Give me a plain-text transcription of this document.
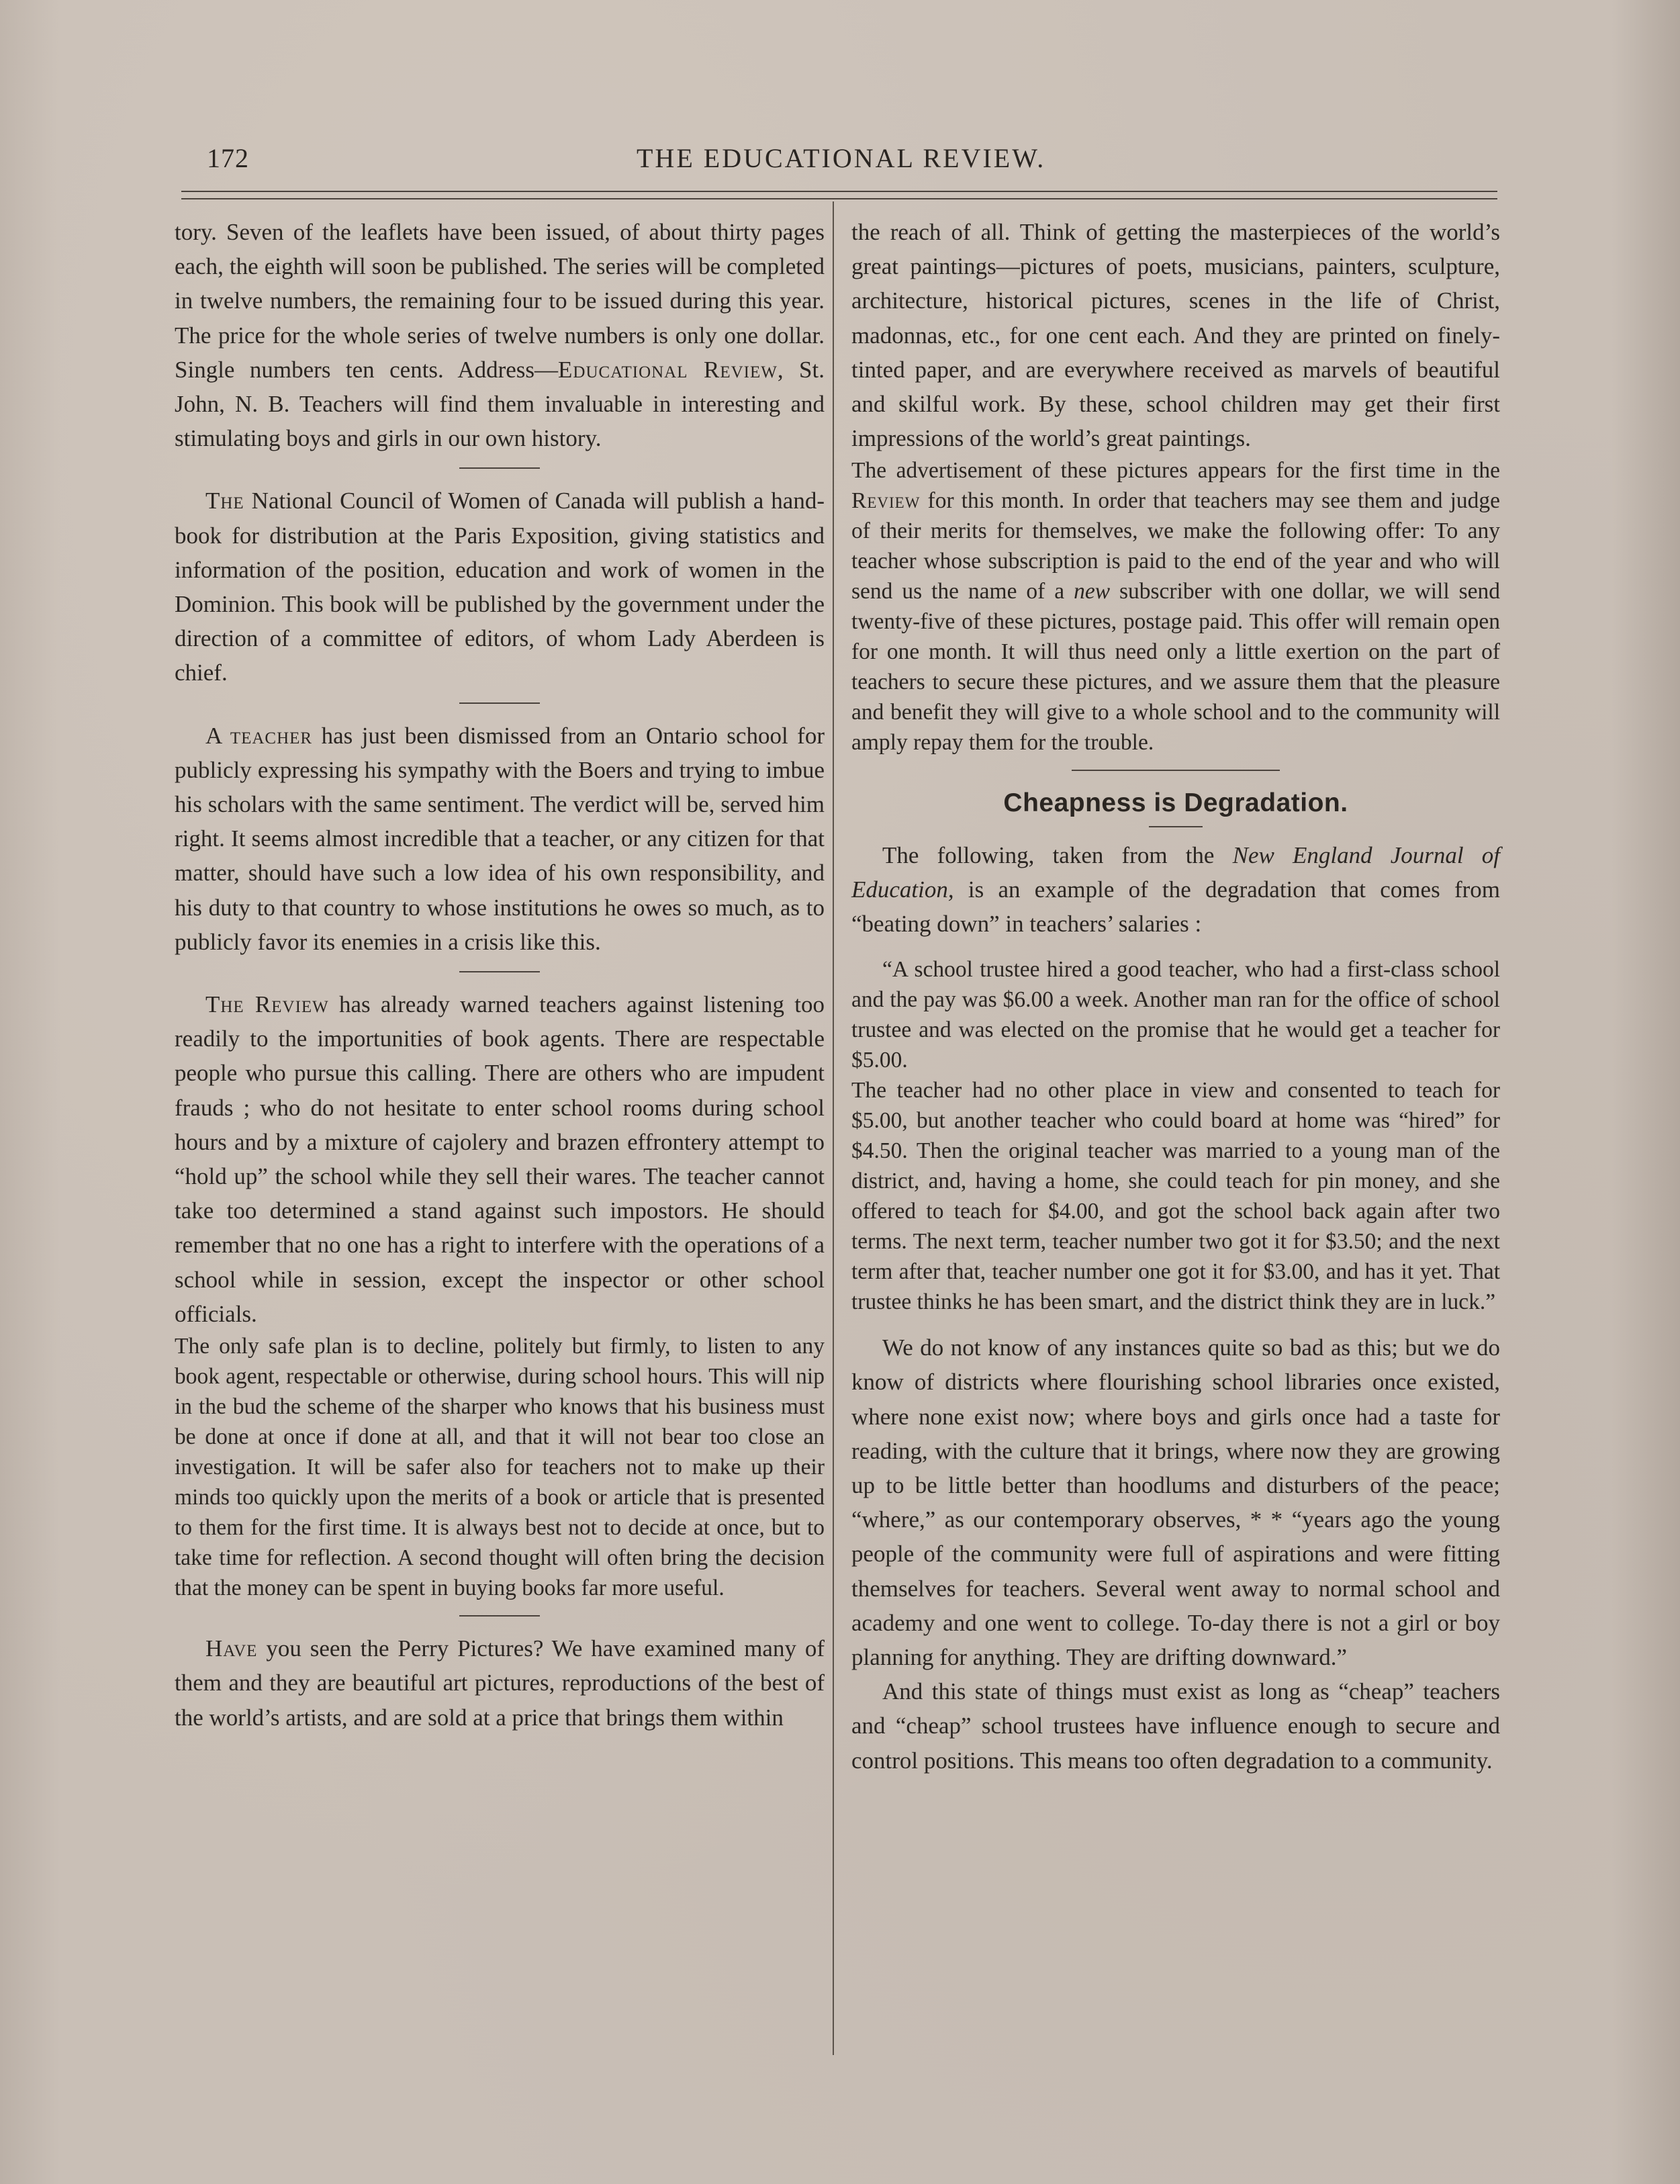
172	THE EDUCATIONAL REVIEW.

tory. Seven of the leaflets have been issued, of about thirty pages each, the eighth will soon be published. The series will be completed in twelve numbers, the remaining four to be issued during this year. The price for the whole series of twelve numbers is only one dollar. Single numbers ten cents. Address—Educational Review, St. John, N. B. Teachers will find them invaluable in interesting and stimulating boys and girls in our own history.

The National Council of Women of Canada will publish a hand-book for distribution at the Paris Exposition, giving statistics and information of the position, education and work of women in the Dominion. This book will be published by the government under the direction of a committee of editors, of whom Lady Aberdeen is chief.

A teacher has just been dismissed from an Ontario school for publicly expressing his sympathy with the Boers and trying to imbue his scholars with the same sentiment. The verdict will be, served him right. It seems almost incredible that a teacher, or any citizen for that matter, should have such a low idea of his own responsibility, and his duty to that country to whose institutions he owes so much, as to publicly favor its enemies in a crisis like this.

The Review has already warned teachers against listening too readily to the importunities of book agents. There are respectable people who pursue this calling. There are others who are impudent frauds ; who do not hesitate to enter school rooms during school hours and by a mixture of cajolery and brazen effrontery attempt to “hold up” the school while they sell their wares. The teacher cannot take too determined a stand against such impostors. He should remember that no one has a right to interfere with the operations of a school while in session, except the inspector or other school officials.

The only safe plan is to decline, politely but firmly, to listen to any book agent, respectable or otherwise, during school hours. This will nip in the bud the scheme of the sharper who knows that his business must be done at once if done at all, and that it will not bear too close an investigation. It will be safer also for teachers not to make up their minds too quickly upon the merits of a book or article that is presented to them for the first time. It is always best not to decide at once, but to take time for reflection. A second thought will often bring the decision that the money can be spent in buying books far more useful.

Have you seen the Perry Pictures? We have examined many of them and they are beautiful art pictures, reproductions of the best of the world’s artists, and are sold at a price that brings them within

the reach of all. Think of getting the masterpieces of the world’s great paintings—pictures of poets, musicians, painters, sculpture, architecture, historical pictures, scenes in the life of Christ, madonnas, etc., for one cent each. And they are printed on finely-tinted paper, and are everywhere received as marvels of beautiful and skilful work. By these, school children may get their first impressions of the world’s great paintings.

The advertisement of these pictures appears for the first time in the Review for this month. In order that teachers may see them and judge of their merits for themselves, we make the following offer: To any teacher whose subscription is paid to the end of the year and who will send us the name of a new subscriber with one dollar, we will send twenty-five of these pictures, postage paid. This offer will remain open for one month. It will thus need only a little exertion on the part of teachers to secure these pictures, and we assure them that the pleasure and benefit they will give to a whole school and to the community will amply repay them for the trouble.

Cheapness is Degradation.

The following, taken from the New England Journal of Education, is an example of the degradation that comes from “beating down” in teachers’ salaries :

“A school trustee hired a good teacher, who had a first-class school and the pay was $6.00 a week. Another man ran for the office of school trustee and was elected on the promise that he would get a teacher for $5.00.

The teacher had no other place in view and consented to teach for $5.00, but another teacher who could board at home was “hired” for $4.50. Then the original teacher was married to a young man of the district, and, having a home, she could teach for pin money, and she offered to teach for $4.00, and got the school back again after two terms. The next term, teacher number two got it for $3.50; and the next term after that, teacher number one got it for $3.00, and has it yet. That trustee thinks he has been smart, and the district think they are in luck.”

We do not know of any instances quite so bad as this; but we do know of districts where flourishing school libraries once existed, where none exist now; where boys and girls once had a taste for reading, with the culture that it brings, where now they are growing up to be little better than hoodlums and disturbers of the peace; “where,” as our contemporary observes, * * “years ago the young people of the community were full of aspirations and were fitting themselves for teachers. Several went away to normal school and academy and one went to college. To-day there is not a girl or boy planning for anything. They are drifting downward.”

And this state of things must exist as long as “cheap” teachers and “cheap” school trustees have influence enough to secure and control positions. This means too often degradation to a community.
